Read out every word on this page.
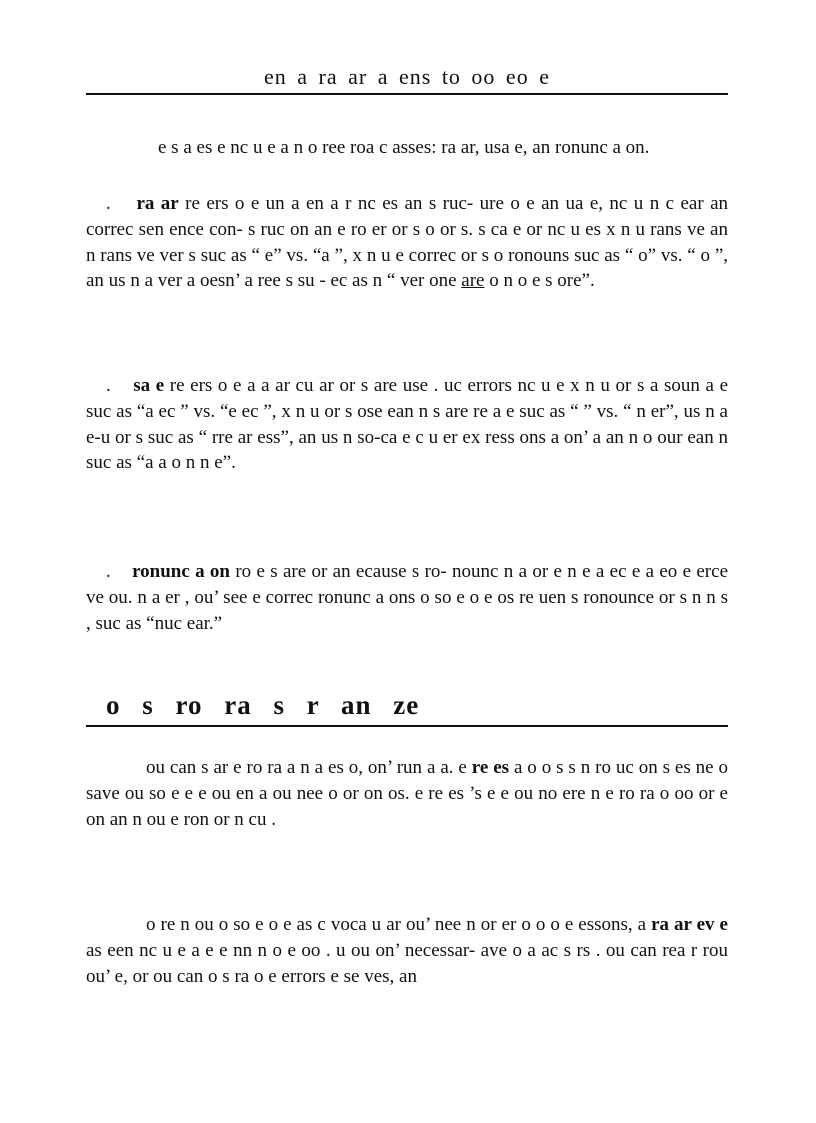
en a ra ar a ens to oo eo e

e s a es e nc u e a n o ree roa c asses: ra ar, usa e, an ronunc a on.

. ra ar re ers o e un a en a r nc es an s ruc- ure o e an ua e, nc u n c ear an correc sen ence con- s ruc on an e ro er or s o or s. s ca e or nc u es x n u rans ve an n rans ve ver s suc as “ e” vs. “a ”, x n u e correc or s o ronouns suc as “ o” vs. “ o ”, an us n a ver a oesn’ a ree s su - ec as n “ ver one are o n o e s ore”.

. sa e re ers o e a a ar cu ar or s are use . uc errors nc u e x n u or s a soun a e suc as “a ec ” vs. “e ec ”, x n u or s ose ean n s are re a e suc as “ ” vs. “ n er”, us n a e-u or s suc as “ rre ar ess”, an us n so-ca e c u er ex ress ons a on’ a an n o our ean n suc as “a a o n n e”.

. ronunc a on ro e s are or an ecause s ro- nounc n a or e n e a ec e a eo e erce ve ou. n a er , ou’ see e correc ronunc a ons o so e o e os re uen s ronounce or s n n s , suc as “nuc ear.”

o s ro ra s r an ze

ou can s ar e ro ra a n a es o, on’ run a a. e re es a o o s s n ro uc on s es ne o save ou so e e e ou en a ou nee o or on os. e re es ’s e e ou no ere n e ro ra o oo or e on an n ou e ron or n cu .

o re n ou o so e o e as c voca u ar ou’ nee n or er o o o e essons, a ra ar ev e as een nc u e a e e nn n o e oo . u ou on’ necessar- ave o a ac s rs . ou can rea r rou ou’ e, or ou can o s ra o e errors e se ves, an
